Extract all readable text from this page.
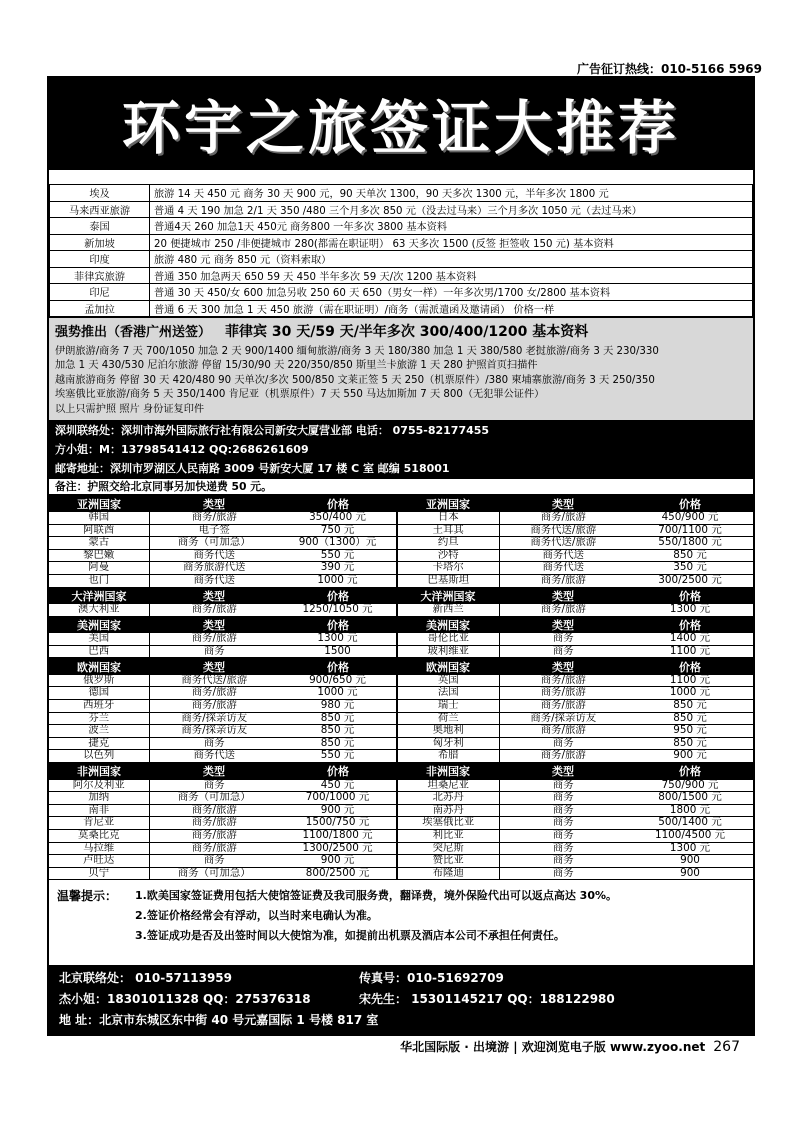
广告征订热线：010-5166 5969
环宇之旅签证大推荐
埃及	旅游 14 天 450 元 商务 30 天 900 元，90 天单次 1300，90 天多次 1300 元，半年多次 1800 元
马来西亚旅游	普通 4 天 190 加急 2/1 天 350 /480 三个月多次 850 元（没去过马来）三个月多次 1050 元（去过马来）
泰国	普通4天 260 加急1天 450元 商务800 一年多次 3800 基本资料
新加坡	20 便捷城市 250 /非便捷城市 280(都需在职证明） 63 天多次 1500 (反签 拒签收 150 元) 基本资料
印度	旅游 480 元 商务 850 元（资料索取）
菲律宾旅游	普通 350 加急两天 650 59 天 450 半年多次 59 天/次 1200 基本资料
印尼	普通 30 天 450/女 600 加急另收 250 60 天 650（男女一样）一年多次男/1700 女/2800 基本资料
孟加拉	普通 6 天 300 加急 1 天 450 旅游（需在职证明）/商务（需派遣函及邀请函） 价格一样
强势推出（香港广州送签） 菲律宾 30 天/59 天/半年多次 300/400/1200 基本资料
伊朗旅游/商务 7 天 700/1050 加急 2 天 900/1400 缅甸旅游/商务 3 天 180/380 加急 1 天 380/580 老挝旅游/商务 3 天 230/330
加急 1 天 430/530 尼泊尔旅游 停留 15/30/90 天 220/350/850 斯里兰卡旅游 1 天 280 护照首页扫描件
越南旅游商务 停留 30 天 420/480 90 天单次/多次 500/850 文莱正签 5 天 250（机票原件）/380 柬埔寨旅游/商务 3 天 250/350
埃塞俄比亚旅游/商务 5 天 350/1400 肯尼亚（机票原件）7 天 550 马达加斯加 7 天 800（无犯罪公证件）
以上只需护照 照片 身份证复印件
深圳联络处：深圳市海外国际旅行社有限公司新安大厦营业部 电话： 0755-82177455
方小姐：M：13798541412 QQ:2686261609
邮寄地址：深圳市罗湖区人民南路 3009 号新安大厦 17 楼 C 室 邮编 518001
备注：护照交给北京同事另加快递费 50 元。
亚洲国家	类型	价格	亚洲国家	类型	价格
韩国	商务/旅游	350/400 元	日本	商务/旅游	450/900 元
阿联酋	电子签	750 元	土耳其	商务代送/旅游	700/1100 元
蒙古	商务（可加急）	900（1300）元	约旦	商务代送/旅游	550/1800 元
黎巴嫩	商务代送	550 元	沙特	商务代送	850 元
阿曼	商务旅游代送	390 元	卡塔尔	商务代送	350 元
也门	商务代送	1000 元	巴基斯坦	商务/旅游	300/2500 元
大洋洲国家	类型	价格	大洋洲国家	类型	价格
澳大利亚	商务/旅游	1250/1050 元	新西兰	商务/旅游	1300 元
美洲国家	类型	价格	美洲国家	类型	价格
美国	商务/旅游	1300 元	哥伦比亚	商务	1400 元
巴西	商务	1500	玻利维亚	商务	1100 元
欧洲国家	类型	价格	欧洲国家	类型	价格
俄罗斯	商务代送/旅游	900/650 元	英国	商务/旅游	1100 元
德国	商务/旅游	1000 元	法国	商务/旅游	1000 元
西班牙	商务/旅游	980 元	瑞士	商务/旅游	850 元
芬兰	商务/探亲访友	850 元	荷兰	商务/探亲访友	850 元
波兰	商务/探亲访友	850 元	奥地利	商务/旅游	950 元
捷克	商务	850 元	匈牙利	商务	850 元
以色列	商务代送	550 元	希腊	商务/旅游	900 元
非洲国家	类型	价格	非洲国家	类型	价格
阿尔及利亚	商务	450 元	坦桑尼亚	商务	750/900 元
加纳	商务（可加急）	700/1000 元	北苏丹	商务	800/1500 元
南非	商务/旅游	900 元	南苏丹	商务	1800 元
肯尼亚	商务/旅游	1500/750 元	埃塞俄比亚	商务	500/1400 元
莫桑比克	商务/旅游	1100/1800 元	利比亚	商务	1100/4500 元
马拉维	商务/旅游	1300/2500 元	突尼斯	商务	1300 元
卢旺达	商务	900 元	赞比亚	商务	900
贝宁	商务（可加急）	800/2500 元	布隆迪	商务	900
温馨提示：	1.欧美国家签证费用包括大使馆签证费及我司服务费，翻译费，境外保险代出可以返点高达 30%。
2.签证价格经常会有浮动，以当时来电确认为准。
3.签证成功是否及出签时间以大使馆为准，如提前出机票及酒店本公司不承担任何责任。
北京联络处： 010-57113959	传真号：010-51692709
杰小姐：18301011328 QQ：275376318	宋先生： 15301145217 QQ：188122980
地 址：北京市东城区东中街 40 号元嘉国际 1 号楼 817 室
华北国际版 · 出境游 | 欢迎浏览电子版 www.zyoo.net 267
